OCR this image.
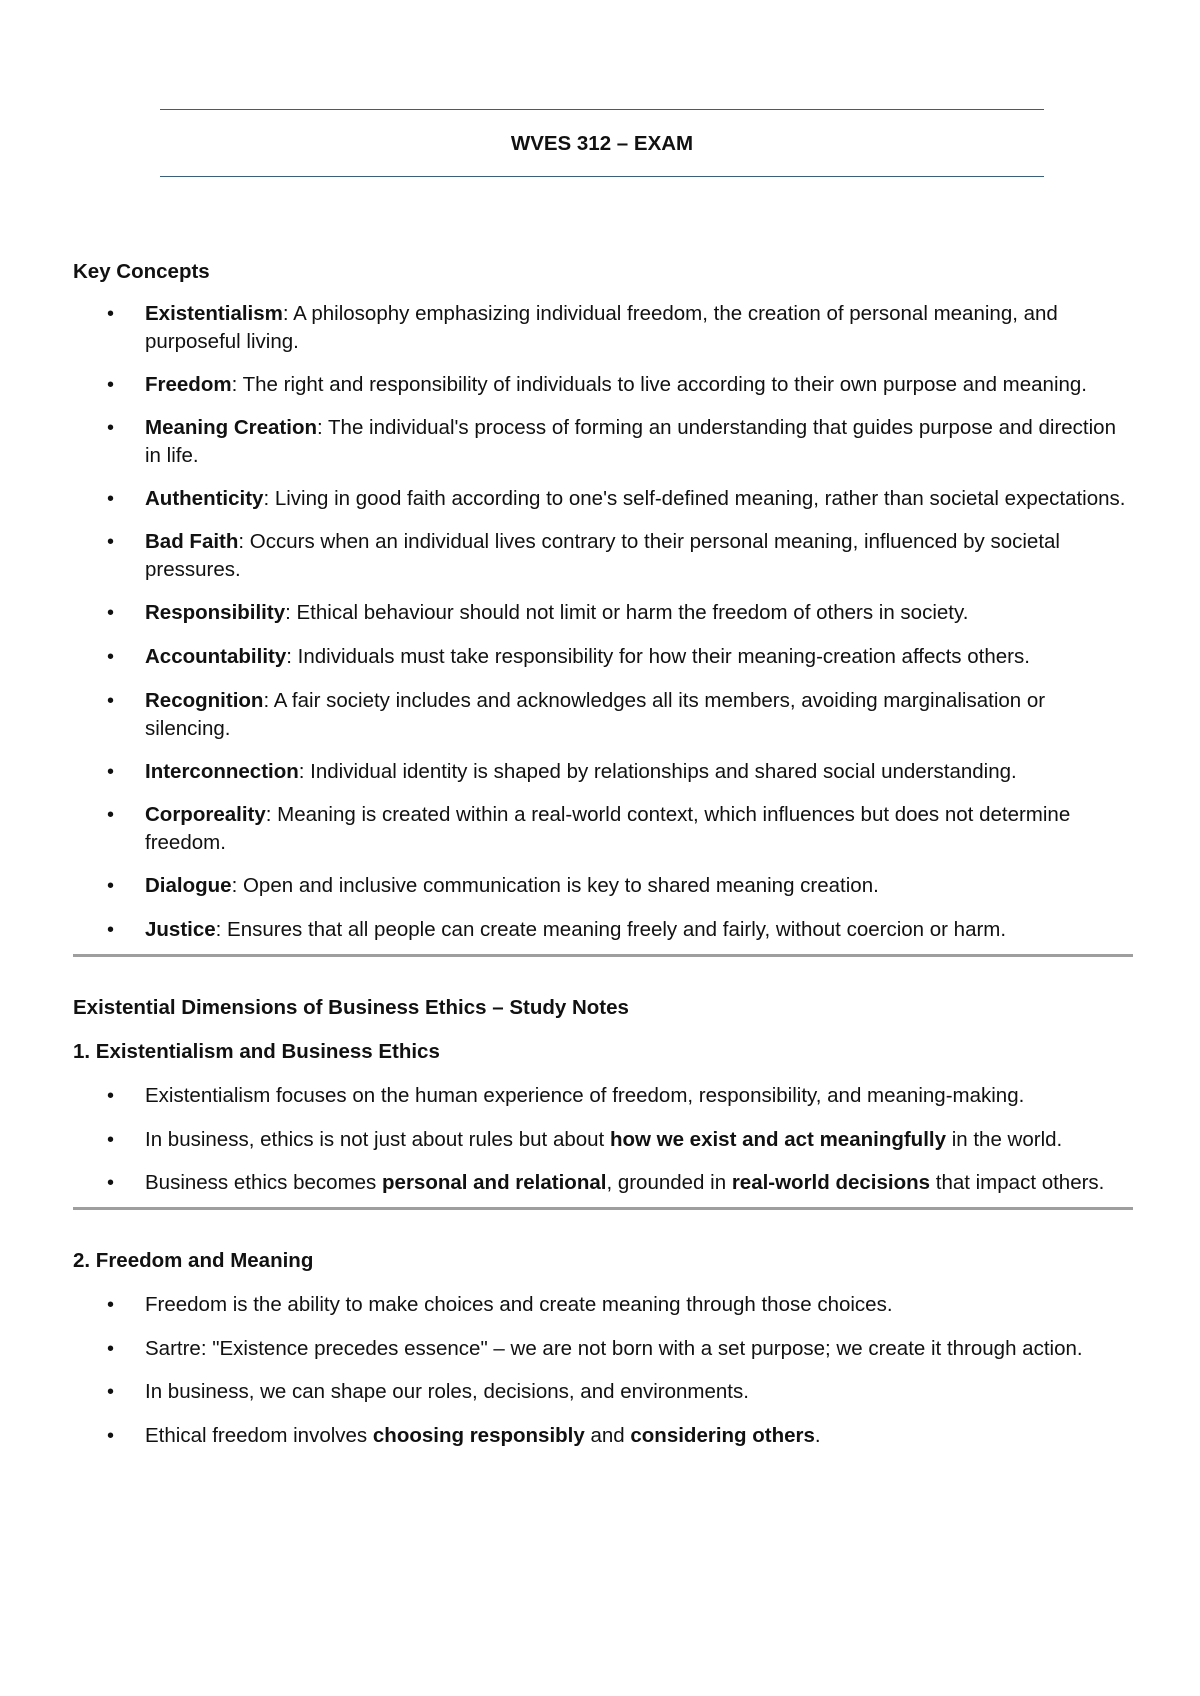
WVES 312 – EXAM
Key Concepts
• Existentialism: A philosophy emphasizing individual freedom, the creation of personal meaning, and purposeful living.
• Freedom: The right and responsibility of individuals to live according to their own purpose and meaning.
• Meaning Creation: The individual's process of forming an understanding that guides purpose and direction in life.
• Authenticity: Living in good faith according to one's self-defined meaning, rather than societal expectations.
• Bad Faith: Occurs when an individual lives contrary to their personal meaning, influenced by societal pressures.
• Responsibility: Ethical behaviour should not limit or harm the freedom of others in society.
• Accountability: Individuals must take responsibility for how their meaning-creation affects others.
• Recognition: A fair society includes and acknowledges all its members, avoiding marginalisation or silencing.
• Interconnection: Individual identity is shaped by relationships and shared social understanding.
• Corporeality: Meaning is created within a real-world context, which influences but does not determine freedom.
• Dialogue: Open and inclusive communication is key to shared meaning creation.
• Justice: Ensures that all people can create meaning freely and fairly, without coercion or harm.
Existential Dimensions of Business Ethics – Study Notes
1. Existentialism and Business Ethics
• Existentialism focuses on the human experience of freedom, responsibility, and meaning-making.
• In business, ethics is not just about rules but about how we exist and act meaningfully in the world.
• Business ethics becomes personal and relational, grounded in real-world decisions that impact others.
2. Freedom and Meaning
• Freedom is the ability to make choices and create meaning through those choices.
• Sartre: "Existence precedes essence" – we are not born with a set purpose; we create it through action.
• In business, we can shape our roles, decisions, and environments.
• Ethical freedom involves choosing responsibly and considering others.
